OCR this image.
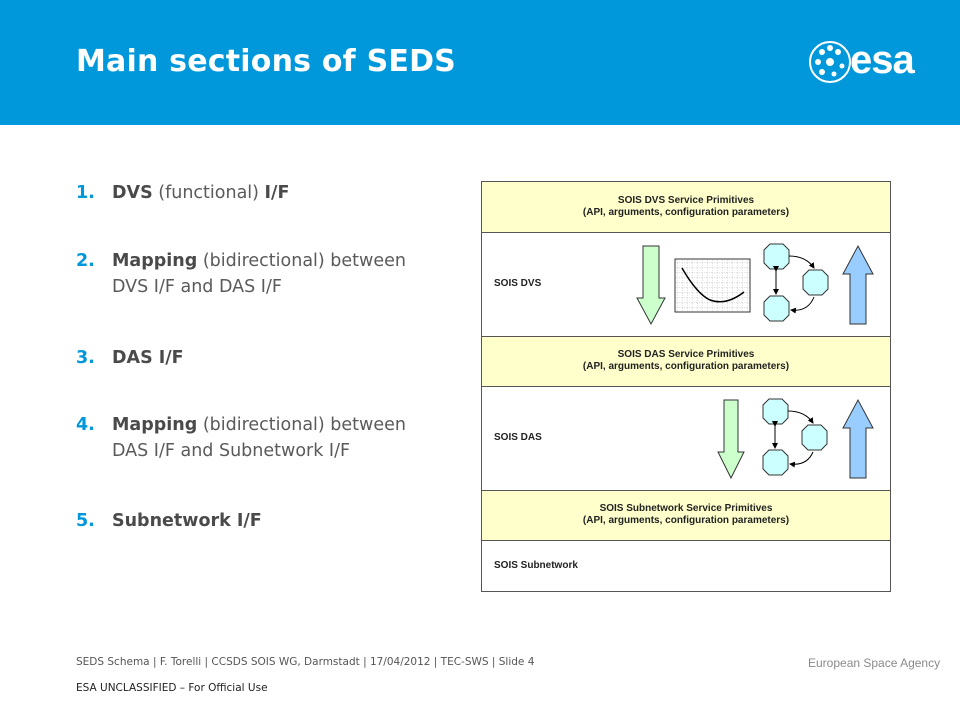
Main sections of SEDS	esa
1. DVS (functional) I/F
2. Mapping (bidirectional) between
DVS I/F and DAS I/F
3. DAS I/F
4. Mapping (bidirectional) between
DAS I/F and Subnetwork I/F
5. Subnetwork I/F
SOIS DVS Service Primitives
(API, arguments, configuration parameters)
SOIS DVS
SOIS DAS Service Primitives
(API, arguments, configuration parameters)
SOIS DAS
SOIS Subnetwork Service Primitives
(API, arguments, configuration parameters)
SOIS Subnetwork
SEDS Schema | F. Torelli | CCSDS SOIS WG, Darmstadt | 17/04/2012 | TEC-SWS | Slide 4
ESA UNCLASSIFIED – For Official Use
European Space Agency
